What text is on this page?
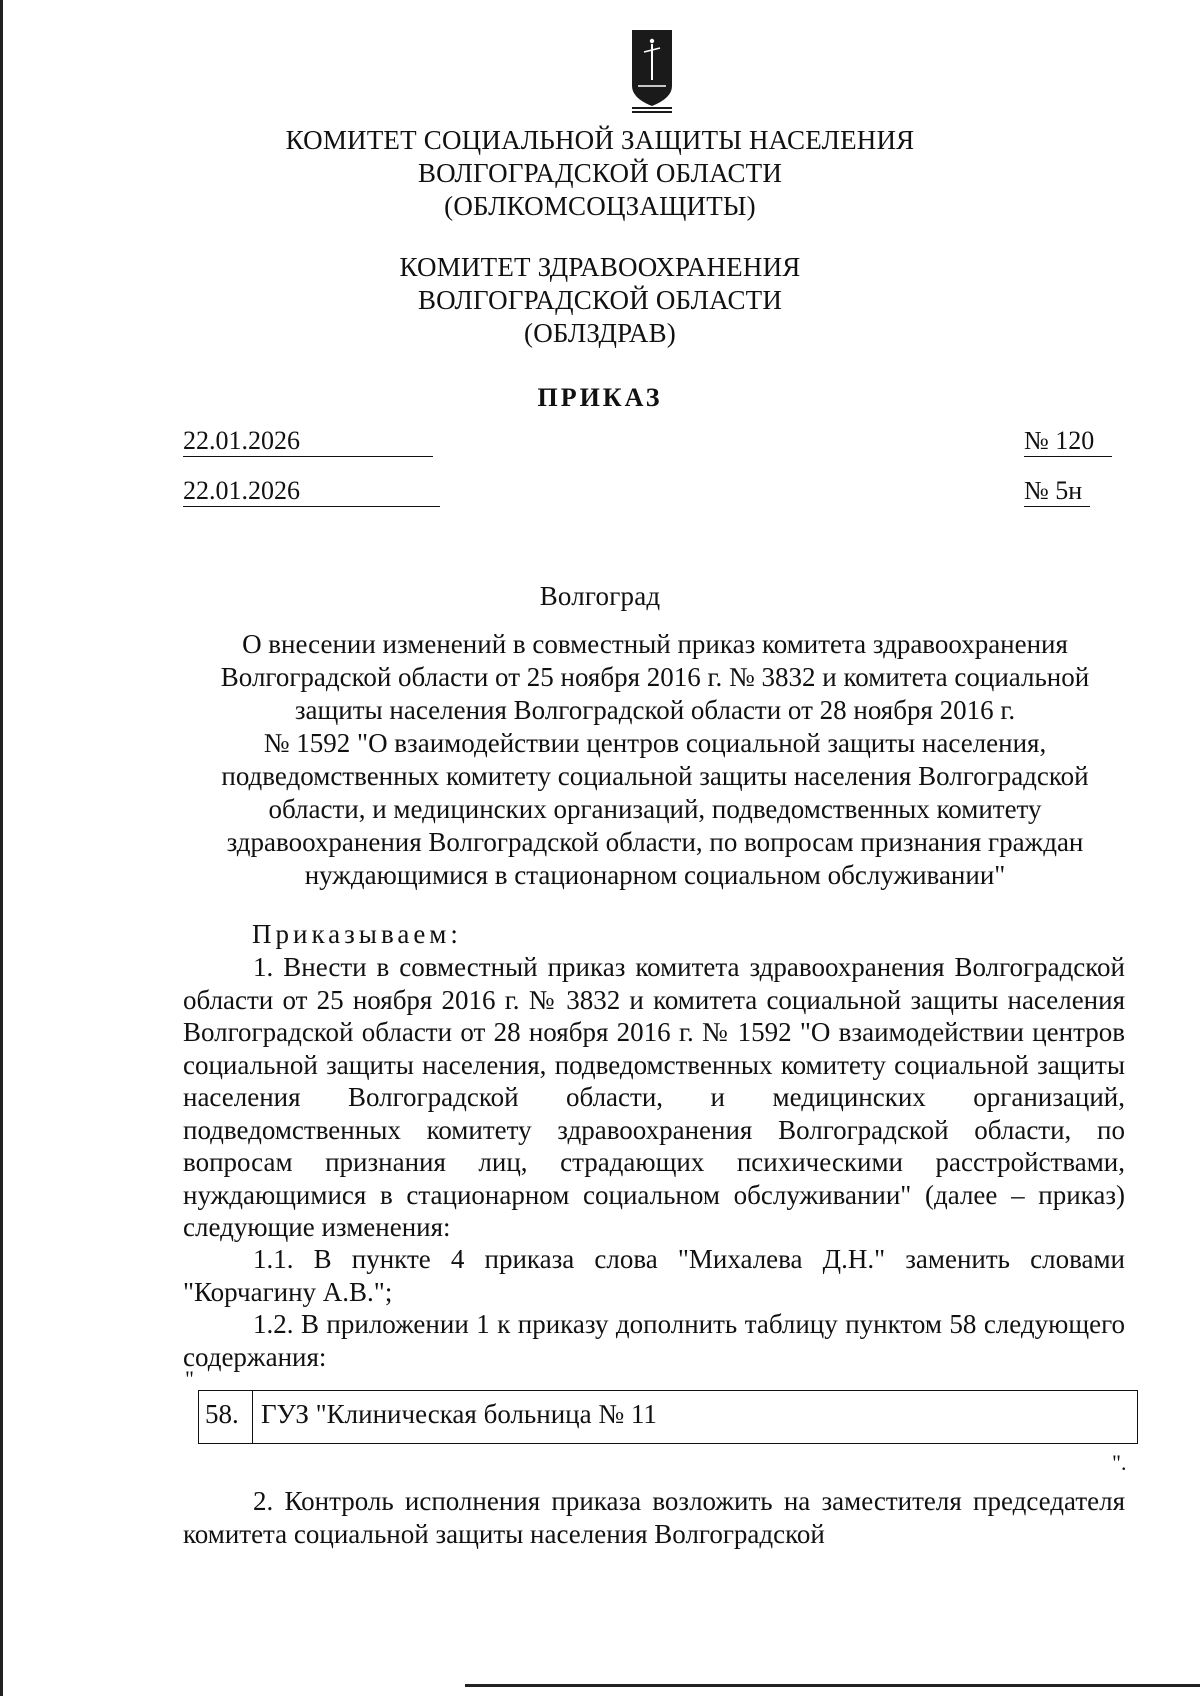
КОМИТЕТ СОЦИАЛЬНОЙ ЗАЩИТЫ НАСЕЛЕНИЯ
ВОЛГОГРАДСКОЙ ОБЛАСТИ
(ОБЛКОМСОЦЗАЩИТЫ)
КОМИТЕТ ЗДРАВООХРАНЕНИЯ
ВОЛГОГРАДСКОЙ ОБЛАСТИ
(ОБЛЗДРАВ)
ПРИКАЗ
22.01.2026	№ 120
22.01.2026	№ 5н
Волгоград
О внесении изменений в совместный приказ комитета здравоохранения
Волгоградской области от 25 ноября 2016 г. № 3832 и комитета социальной
защиты населения Волгоградской области от 28 ноября 2016 г.
№ 1592 "О взаимодействии центров социальной защиты населения,
подведомственных комитету социальной защиты населения Волгоградской
области, и медицинских организаций, подведомственных комитету
здравоохранения Волгоградской области, по вопросам признания граждан
нуждающимися в стационарном социальном обслуживании"
Приказываем:
1. Внести в совместный приказ комитета здравоохранения Волгоградской области от 25 ноября 2016 г. № 3832 и комитета социальной защиты населения Волгоградской области от 28 ноября 2016 г. № 1592 "О взаимодействии центров социальной защиты населения, подведомственных комитету социальной защиты населения Волгоградской области, и медицинских организаций, подведомственных комитету здравоохранения Волгоградской области, по вопросам признания лиц, страдающих психическими расстройствами, нуждающимися в стационарном социальном обслуживании" (далее – приказ) следующие изменения:
1.1. В пункте 4 приказа слова "Михалева Д.Н." заменить словами "Корчагину А.В.";
1.2. В приложении 1 к приказу дополнить таблицу пунктом 58 следующего содержания:
"
58. ГУЗ "Клиническая больница № 11
".
2. Контроль исполнения приказа возложить на заместителя председателя комитета социальной защиты населения Волгоградской
